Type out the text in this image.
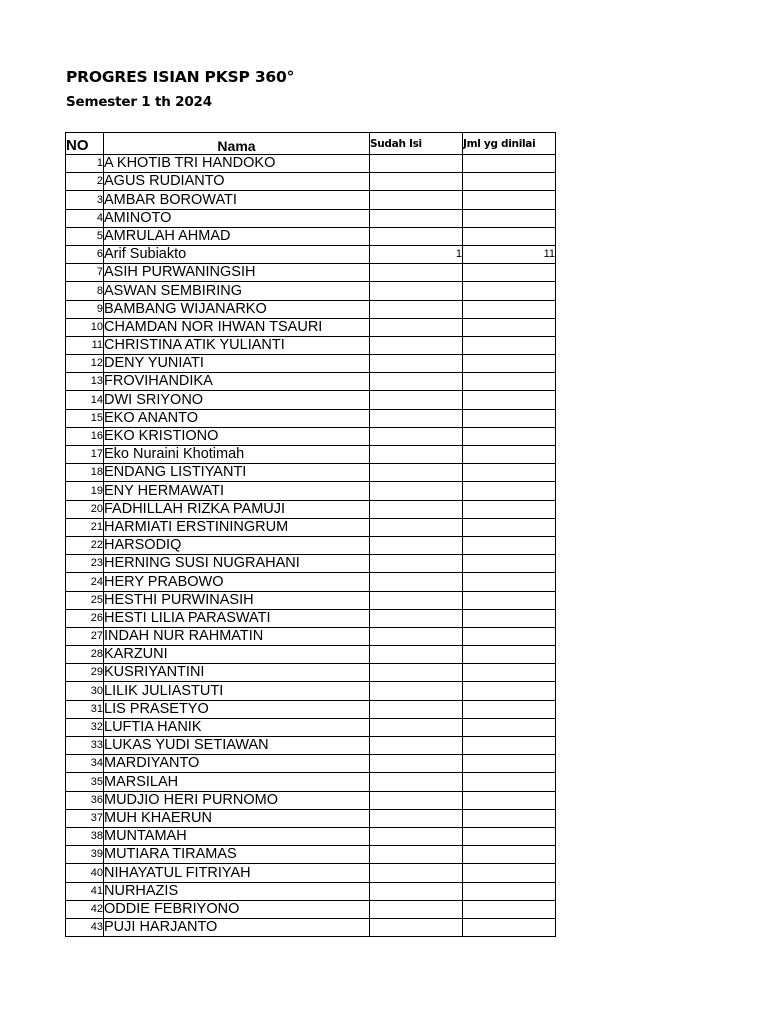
PROGRES ISIAN PKSP 360°
Semester 1 th 2024
NO	Nama	Sudah Isi	Jml yg dinilai
1	A KHOTIB TRI HANDOKO		
2	AGUS RUDIANTO		
3	AMBAR BOROWATI		
4	AMINOTO		
5	AMRULAH AHMAD		
6	Arif Subiakto	1	11
7	ASIH PURWANINGSIH		
8	ASWAN SEMBIRING		
9	BAMBANG WIJANARKO		
10	CHAMDAN NOR IHWAN TSAURI		
11	CHRISTINA ATIK YULIANTI		
12	DENY YUNIATI		
13	FROVIHANDIKA		
14	DWI SRIYONO		
15	EKO ANANTO		
16	EKO KRISTIONO		
17	Eko Nuraini Khotimah		
18	ENDANG LISTIYANTI		
19	ENY HERMAWATI		
20	FADHILLAH RIZKA PAMUJI		
21	HARMIATI ERSTININGRUM		
22	HARSODIQ		
23	HERNING SUSI NUGRAHANI		
24	HERY PRABOWO		
25	HESTHI PURWINASIH		
26	HESTI LILIA PARASWATI		
27	INDAH NUR RAHMATIN		
28	KARZUNI		
29	KUSRIYANTINI		
30	LILIK JULIASTUTI		
31	LIS PRASETYO		
32	LUFTIA HANIK		
33	LUKAS YUDI SETIAWAN		
34	MARDIYANTO		
35	MARSILAH		
36	MUDJIO HERI PURNOMO		
37	MUH KHAERUN		
38	MUNTAMAH		
39	MUTIARA TIRAMAS		
40	NIHAYATUL FITRIYAH		
41	NURHAZIS		
42	ODDIE FEBRIYONO		
43	PUJI HARJANTO		
